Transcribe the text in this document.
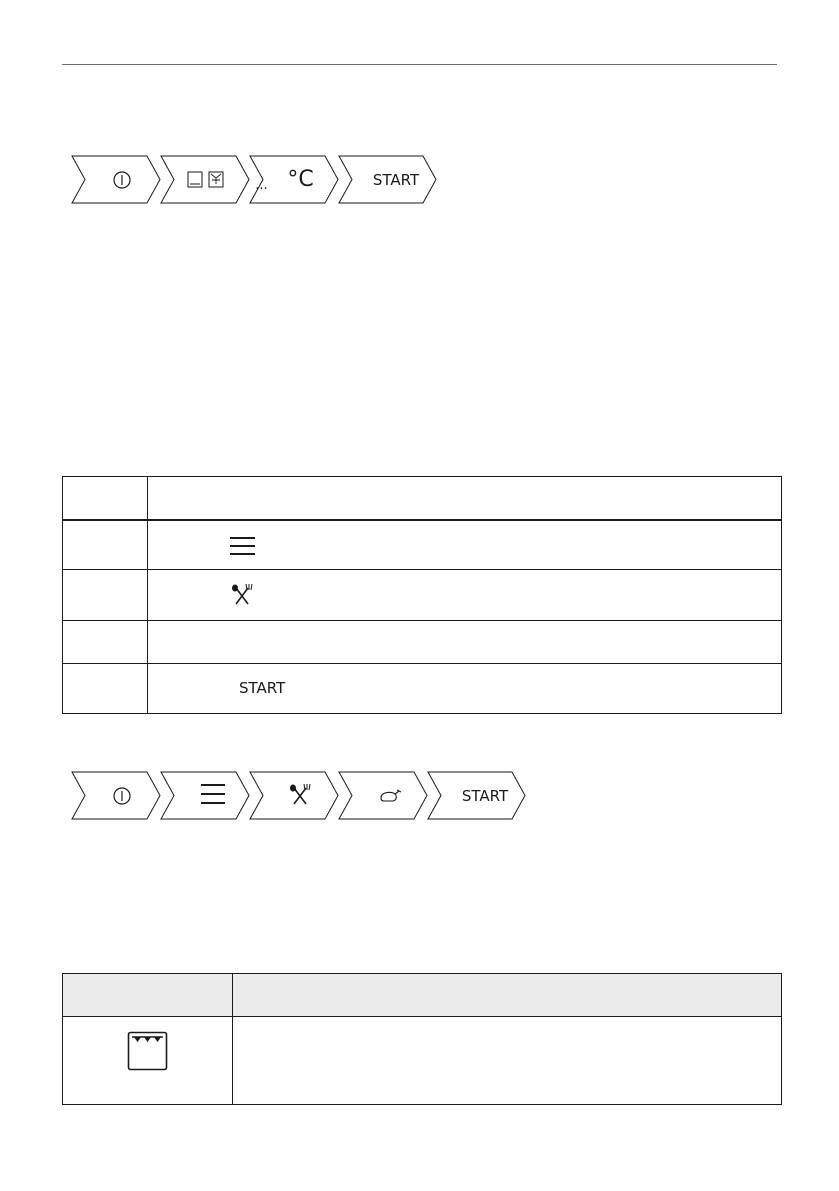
... °C	START

	START
START
